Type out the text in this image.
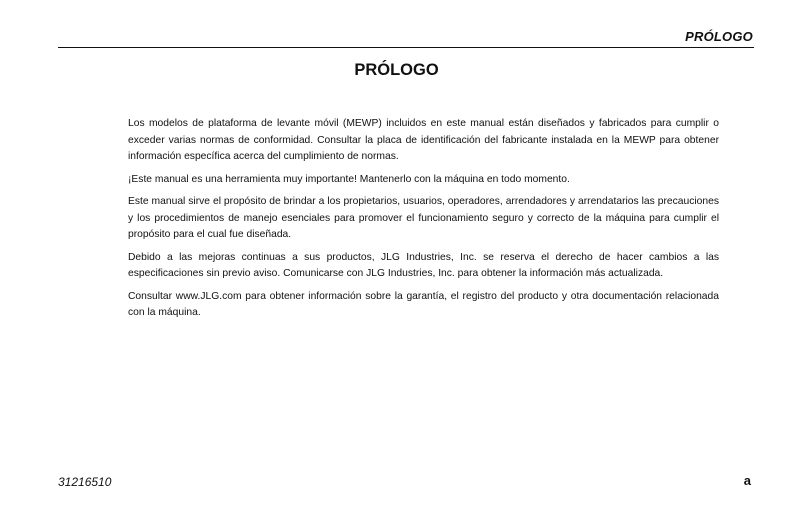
PRÓLOGO
PRÓLOGO

Los modelos de plataforma de levante móvil (MEWP) incluidos en este manual están diseñados y fabricados para cumplir o exceder varias normas de conformidad. Consultar la placa de identificación del fabricante instalada en la MEWP para obtener información específica acerca del cumplimiento de normas.

¡Este manual es una herramienta muy importante! Mantenerlo con la máquina en todo momento.

Este manual sirve el propósito de brindar a los propietarios, usuarios, operadores, arrendadores y arrendatarios las precauciones y los procedimientos de manejo esenciales para promover el funcionamiento seguro y correcto de la máquina para cumplir el propósito para el cual fue diseñada.

Debido a las mejoras continuas a sus productos, JLG Industries, Inc. se reserva el derecho de hacer cambios a las especificaciones sin previo aviso. Comunicarse con JLG Industries, Inc. para obtener la información más actualizada.

Consultar www.JLG.com para obtener información sobre la garantía, el registro del producto y otra documentación relacionada con la máquina.

31216510	a
